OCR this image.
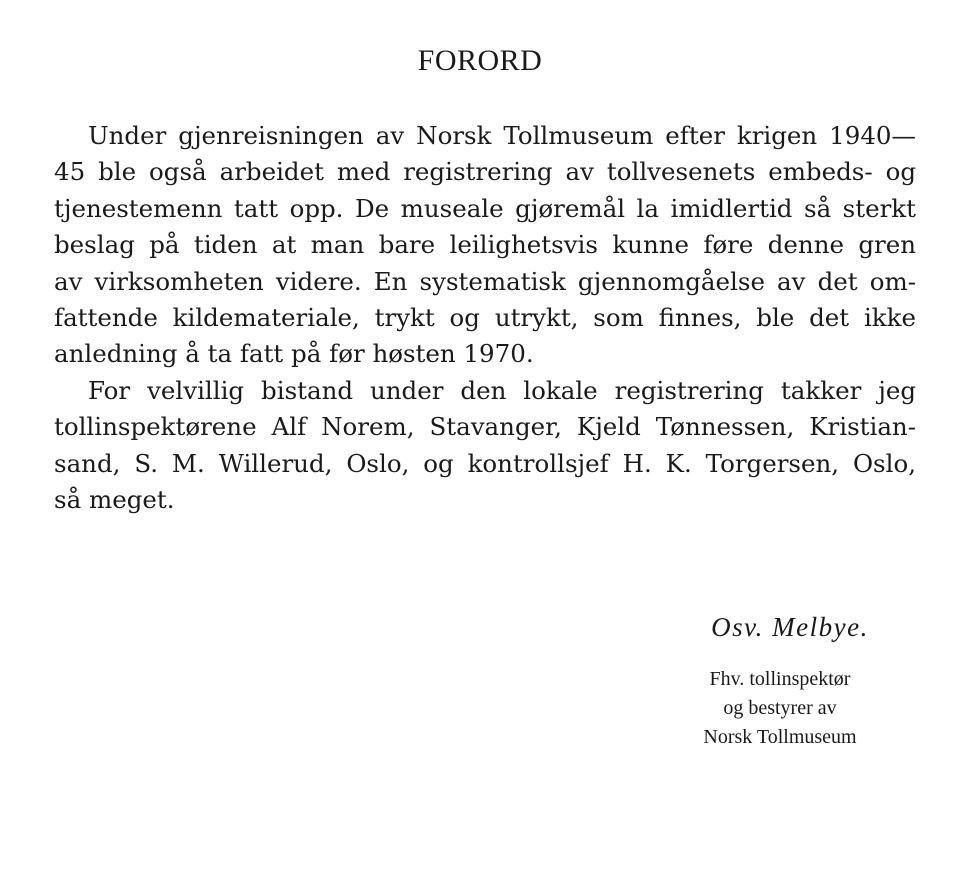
FORORD
Under gjenreisningen av Norsk Tollmuseum efter krigen 1940—
45 ble også arbeidet med registrering av tollvesenets embeds- og
tjenestemenn tatt opp. De museale gjøremål la imidlertid så sterkt
beslag på tiden at man bare leilighetsvis kunne føre denne gren
av virksomheten videre. En systematisk gjennomgåelse av det om-
fattende kildemateriale, trykt og utrykt, som finnes, ble det ikke
anledning å ta fatt på før høsten 1970.
For velvillig bistand under den lokale registrering takker jeg
tollinspektørene Alf Norem, Stavanger, Kjeld Tønnessen, Kristian-
sand, S. M. Willerud, Oslo, og kontrollsjef H. K. Torgersen, Oslo,
så meget.
Osv. Melbye.
Fhv. tollinspektør
og bestyrer av
Norsk Tollmuseum
